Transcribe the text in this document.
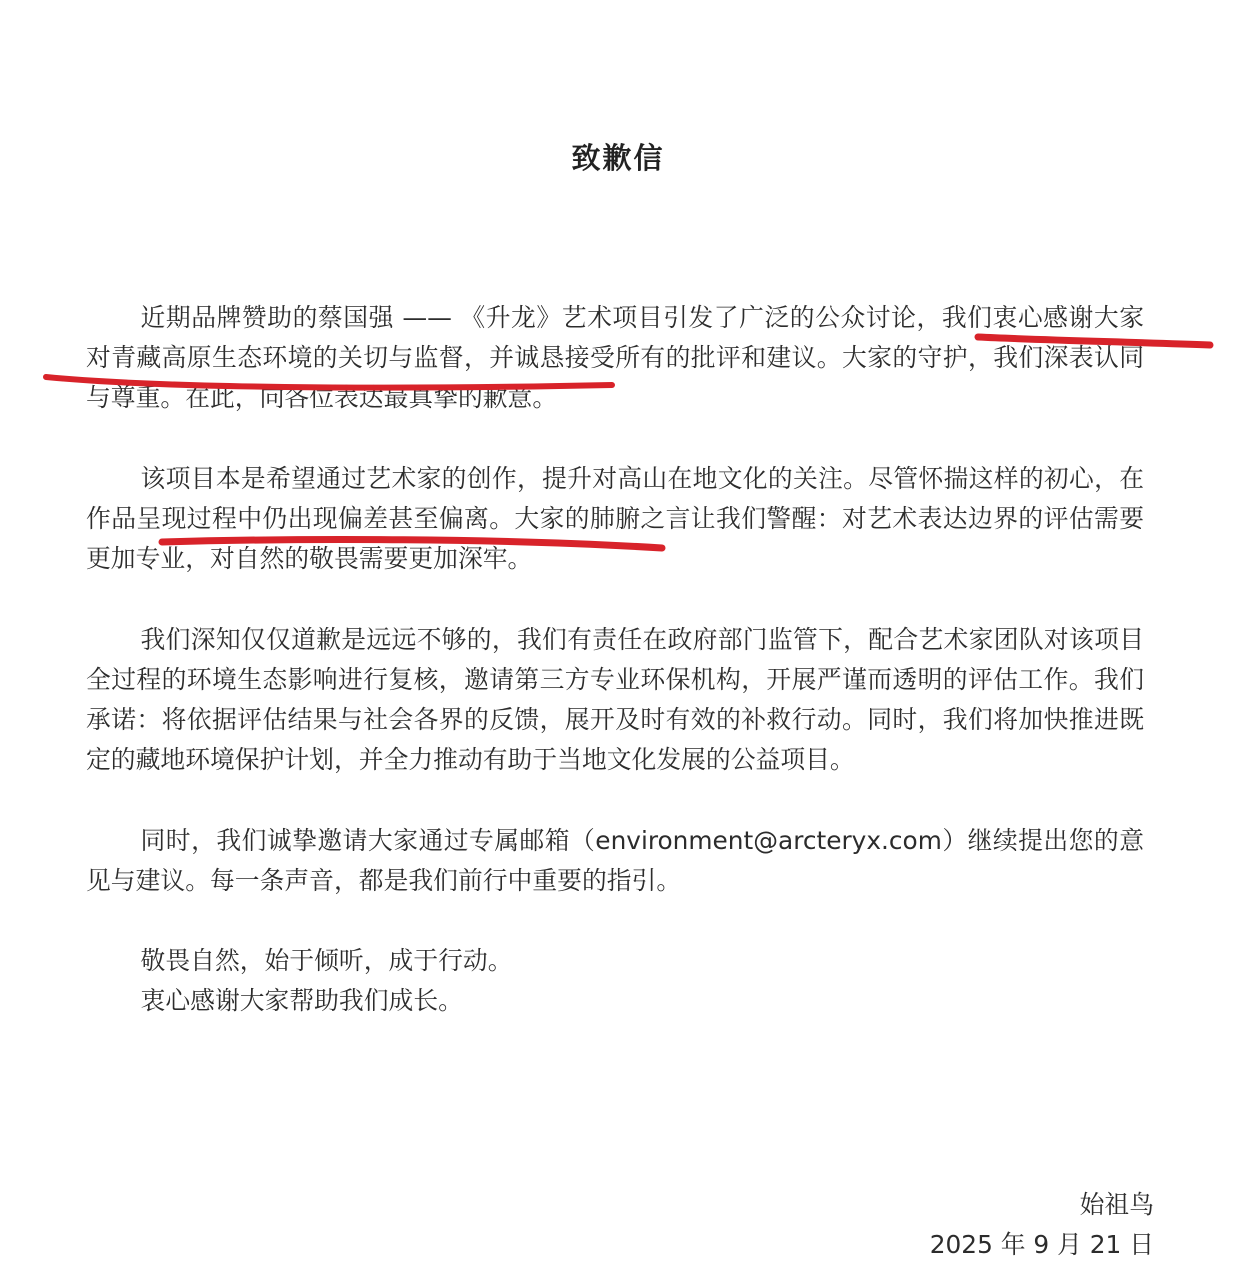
致歉信

近期品牌赞助的蔡国强 —— 《升龙》艺术项目引发了广泛的公众讨论，我们衷心感谢大家对青藏高原生态环境的关切与监督，并诚恳接受所有的批评和建议。大家的守护，我们深表认同与尊重。在此，向各位表达最真挚的歉意。

该项目本是希望通过艺术家的创作，提升对高山在地文化的关注。尽管怀揣这样的初心，在作品呈现过程中仍出现偏差甚至偏离。大家的肺腑之言让我们警醒：对艺术表达边界的评估需要更加专业，对自然的敬畏需要更加深牢。

我们深知仅仅道歉是远远不够的，我们有责任在政府部门监管下，配合艺术家团队对该项目全过程的环境生态影响进行复核，邀请第三方专业环保机构，开展严谨而透明的评估工作。我们承诺：将依据评估结果与社会各界的反馈，展开及时有效的补救行动。同时，我们将加快推进既定的藏地环境保护计划，并全力推动有助于当地文化发展的公益项目。

同时，我们诚挚邀请大家通过专属邮箱（environment@arcteryx.com）继续提出您的意见与建议。每一条声音，都是我们前行中重要的指引。

敬畏自然，始于倾听，成于行动。

衷心感谢大家帮助我们成长。

始祖鸟
2025 年 9 月 21 日
